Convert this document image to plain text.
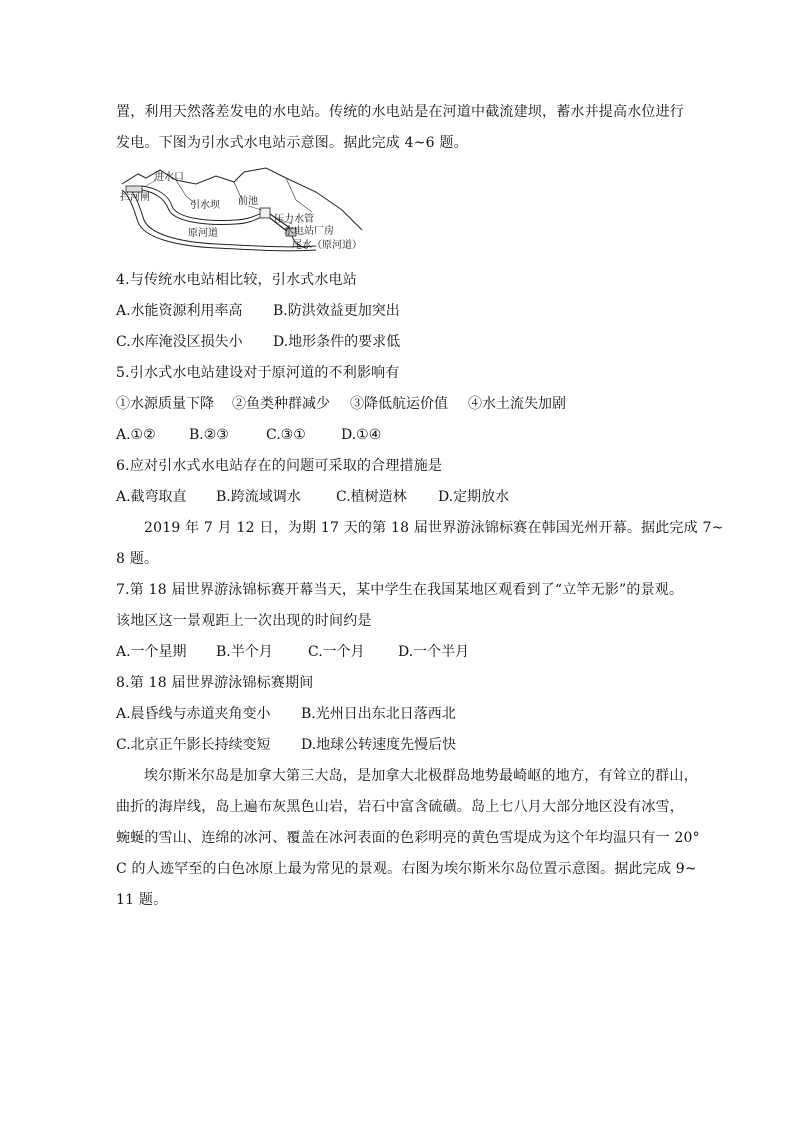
置，利用天然落差发电的水电站。传统的水电站是在河道中截流建坝，蓄水并提高水位进行
发电。下图为引水式水电站示意图。据此完成 4~6 题。
进水口
拦河闸
引水坝 前池
压力水管
水电站厂房
原河道
尾水（原河道）
4.与传统水电站相比较，引水式水电站
A.水能资源利用率高 B.防洪效益更加突出
C.水库淹没区损失小 D.地形条件的要求低
5.引水式水电站建设对于原河道的不利影响有
①水源质量下降 ②鱼类种群减少 ③降低航运价值 ④水土流失加剧
A.①② B.②③	C.③①	D.①④
6.应对引水式水电站存在的问题可采取的合理措施是
A.截弯取直 B.跨流域调水	C.植树造林 D.定期放水
2019 年 7 月 12 日，为期 17 天的第 18 届世界游泳锦标赛在韩国光州开幕。据此完成 7~
8 题。
7.第 18 届世界游泳锦标赛开幕当天，某中学生在我国某地区观看到了“立竿无影”的景观。
该地区这一景观距上一次出现的时间约是
A.一个星期 B.半个月	C.一个月 D.一个半月
8.第 18 届世界游泳锦标赛期间
A.晨昏线与赤道夹角变小 B.光州日出东北日落西北
C.北京正午影长持续变短 D.地球公转速度先慢后快
埃尔斯米尔岛是加拿大第三大岛，是加拿大北极群岛地势最崎岖的地方，有耸立的群山，
曲折的海岸线，岛上遍布灰黑色山岩，岩石中富含硫磺。岛上七八月大部分地区没有冰雪，
蜿蜒的雪山、连绵的冰河、覆盖在冰河表面的色彩明亮的黄色雪堤成为这个年均温只有一 20°
C 的人迹罕至的白色冰原上最为常见的景观。右图为埃尔斯米尔岛位置示意图。据此完成 9~
11 题。
